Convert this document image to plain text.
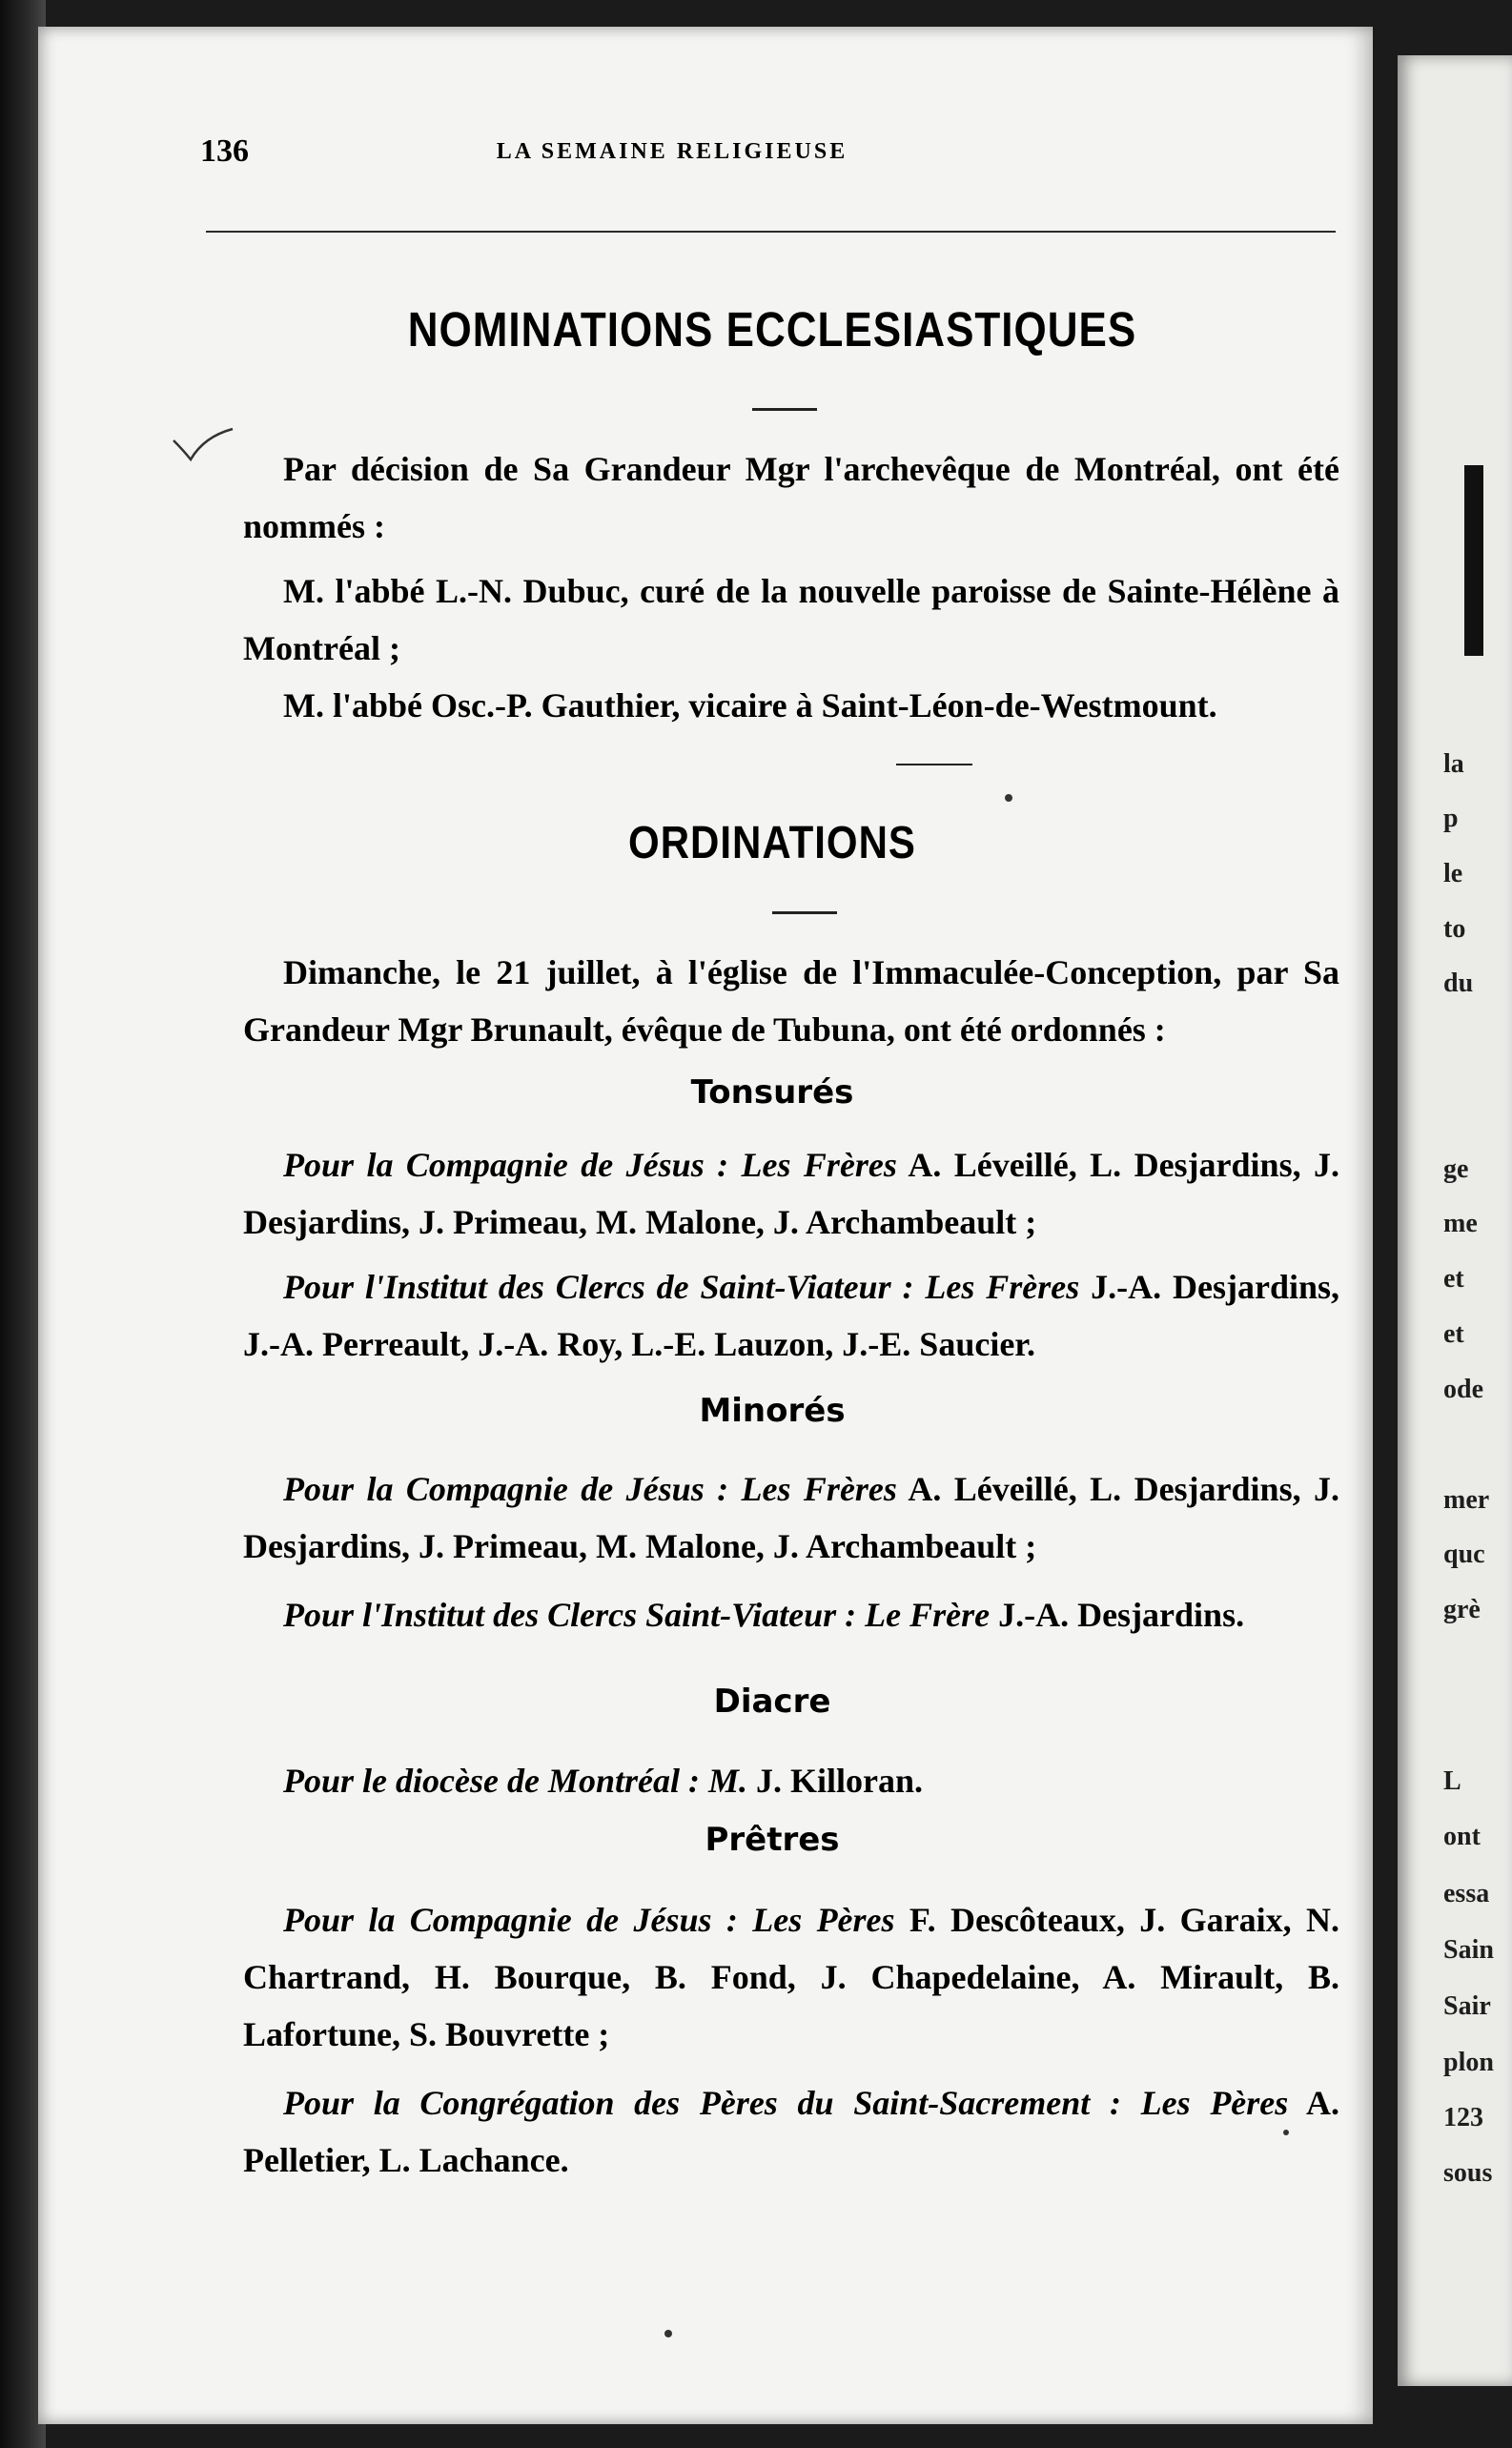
la
p
le
to
du
ge
me
et
et
ode
mer
quc
grè
L
ont
essa
Sain
Sair
plon
123
sous
136	LA SEMAINE RELIGIEUSE
NOMINATIONS ECCLESIASTIQUES
Par décision de Sa Grandeur Mgr l'archevêque de Montréal, ont été nommés :
M. l'abbé L.-N. Dubuc, curé de la nouvelle paroisse de Sainte-Hélène à Montréal ;
M. l'abbé Osc.-P. Gauthier, vicaire à Saint-Léon-de-Westmount.
ORDINATIONS
Dimanche, le 21 juillet, à l'église de l'Immaculée-Conception, par Sa Grandeur Mgr Brunault, évêque de Tubuna, ont été ordonnés :
Tonsurés
Pour la Compagnie de Jésus : Les Frères A. Léveillé, L. Desjardins, J. Desjardins, J. Primeau, M. Malone, J. Archambeault ;
Pour l'Institut des Clercs de Saint-Viateur : Les Frères J.-A. Desjardins, J.-A. Perreault, J.-A. Roy, L.-E. Lauzon, J.-E. Saucier.
Minorés
Pour la Compagnie de Jésus : Les Frères A. Léveillé, L. Desjardins, J. Desjardins, J. Primeau, M. Malone, J. Archambeault ;
Pour l'Institut des Clercs Saint-Viateur : Le Frère J.-A. Desjardins.
Diacre
Pour le diocèse de Montréal : M. J. Killoran.
Prêtres
Pour la Compagnie de Jésus : Les Pères F. Descôteaux, J. Garaix, N. Chartrand, H. Bourque, B. Fond, J. Chapedelaine, A. Mirault, B. Lafortune, S. Bouvrette ;
Pour la Congrégation des Pères du Saint-Sacrement : Les Pères A. Pelletier, L. Lachance.
